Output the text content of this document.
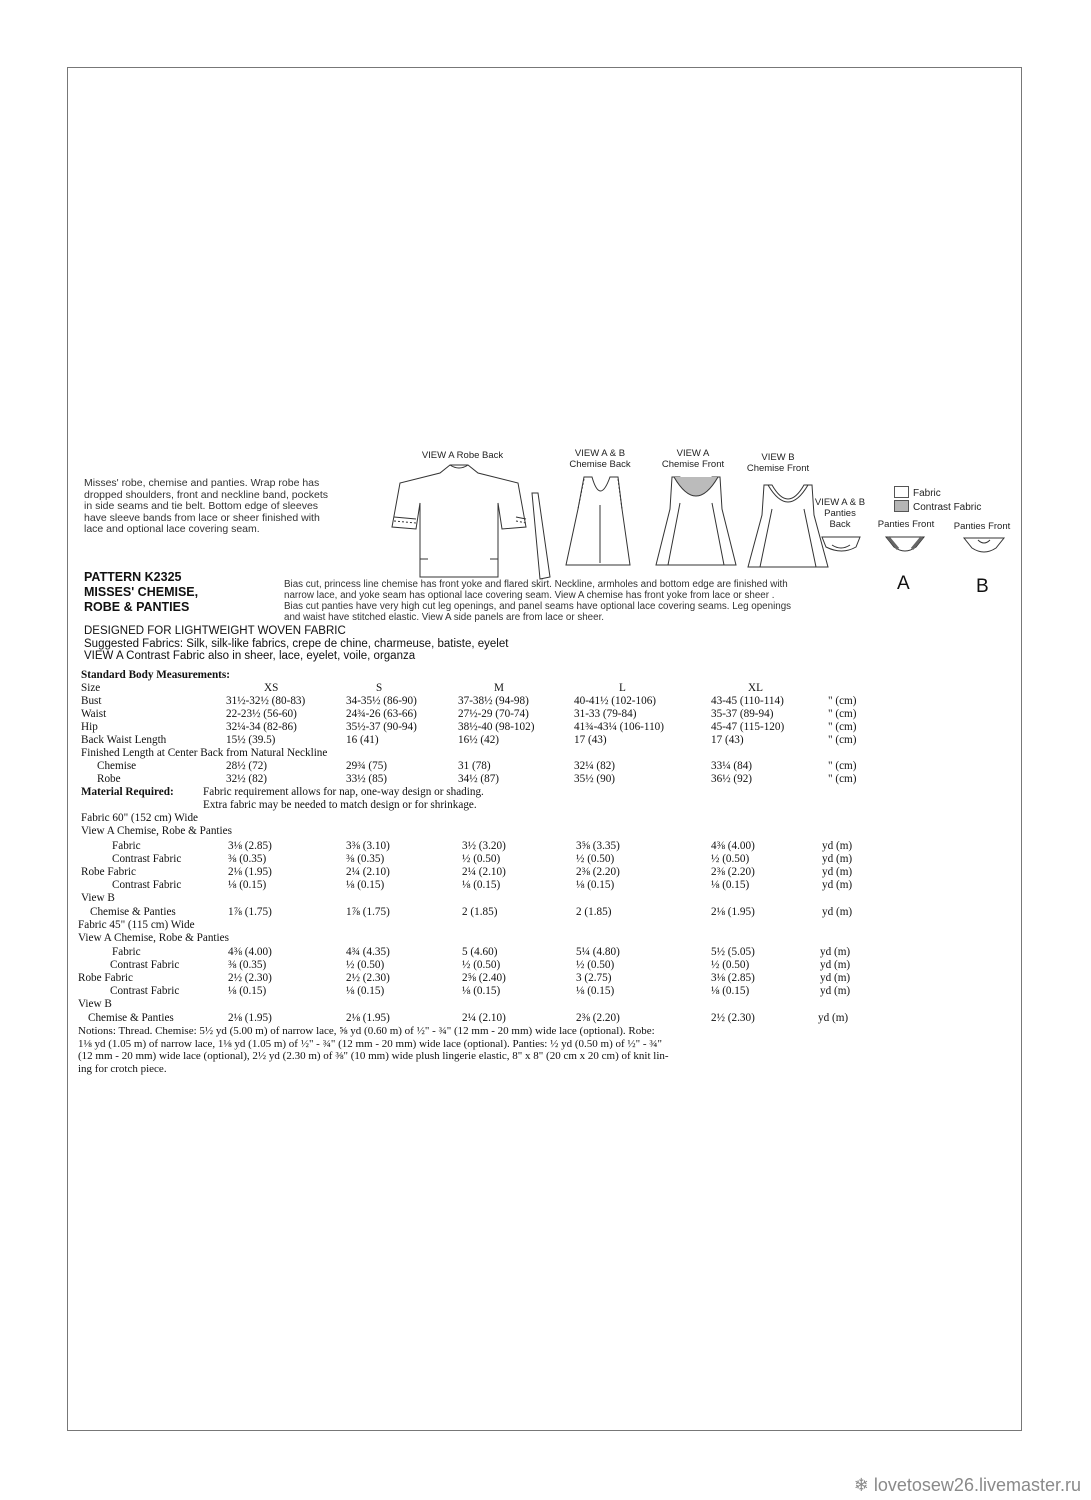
VIEW A Robe Back	VIEW A & B
Chemise Back
VIEW A
Chemise Front
VIEW B
Chemise Front
VIEW A & B
Panties
Back	Panties Front	Panties Front
A	B
Fabric
Contrast Fabric
Misses' robe, chemise and panties. Wrap robe has
dropped shoulders, front and neckline band, pockets
in side seams and tie belt. Bottom edge of sleeves
have sleeve bands from lace or sheer finished with
lace and optional lace covering seam.
PATTERN K2325
MISSES' CHEMISE,
ROBE & PANTIES
Bias cut, princess line chemise has front yoke and flared skirt. Neckline, armholes and bottom edge are finished with
narrow lace, and yoke seam has optional lace covering seam. View A chemise has front yoke from lace or sheer .
Bias cut panties have very high cut leg openings, and panel seams have optional lace covering seams. Leg openings
and waist have stitched elastic. View A side panels are from lace or sheer.
DESIGNED FOR LIGHTWEIGHT WOVEN FABRIC
Suggested Fabrics: Silk, silk-like fabrics, crepe de chine, charmeuse, batiste, eyelet
VIEW A Contrast Fabric also in sheer, lace, eyelet, voile, organza
Standard Body Measurements:
Size	XS	S	M	L	XL
Bust	31½-32½ (80-83)	34-35½ (86-90)	37-38½ (94-98)	40-41½ (102-106)	43-45 (110-114)	" (cm)
Waist	22-23½ (56-60)	24¾-26 (63-66)	27½-29 (70-74)	31-33 (79-84)	35-37 (89-94)	" (cm)
Hip	32¼-34 (82-86)	35½-37 (90-94)	38½-40 (98-102)	41¾-43¼ (106-110)	45-47 (115-120)	" (cm)
Back Waist Length	15½ (39.5)	16 (41)	16½ (42)	17 (43)	17 (43)	" (cm)
Finished Length at Center Back from Natural Neckline
Chemise	28½ (72)	29¾ (75)	31 (78)	32¼ (82)	33¼ (84)	" (cm)
Robe	32½ (82)	33½ (85)	34½ (87)	35½ (90)	36½ (92)	" (cm)
Material Required:	Fabric requirement allows for nap, one-way design or shading.
Extra fabric may be needed to match design or for shrinkage.
Fabric 60" (152 cm) Wide
View A Chemise, Robe & Panties
Fabric	3⅛ (2.85)	3⅜ (3.10)	3½ (3.20)	3⅝ (3.35)	4⅜ (4.00)	yd (m)
Contrast Fabric	⅜ (0.35)	⅜ (0.35)	½ (0.50)	½ (0.50)	½ (0.50)	yd (m)
Robe Fabric	2⅛ (1.95)	2¼ (2.10)	2¼ (2.10)	2⅜ (2.20)	2⅜ (2.20)	yd (m)
Contrast Fabric	⅛ (0.15)	⅛ (0.15)	⅛ (0.15)	⅛ (0.15)	⅛ (0.15)	yd (m)
View B
Chemise & Panties	1⅞ (1.75)	1⅞ (1.75)	2 (1.85)	2 (1.85)	2⅛ (1.95)	yd (m)
Fabric 45" (115 cm) Wide
View A Chemise, Robe & Panties
Fabric	4⅜ (4.00)	4¾ (4.35)	5 (4.60)	5¼ (4.80)	5½ (5.05)	yd (m)
Contrast Fabric	⅜ (0.35)	½ (0.50)	½ (0.50)	½ (0.50)	½ (0.50)	yd (m)
Robe Fabric	2½ (2.30)	2½ (2.30)	2⅝ (2.40)	3 (2.75)	3⅛ (2.85)	yd (m)
Contrast Fabric	⅛ (0.15)	⅛ (0.15)	⅛ (0.15)	⅛ (0.15)	⅛ (0.15)	yd (m)
View B
Chemise & Panties	2⅛ (1.95)	2⅛ (1.95)	2¼ (2.10)	2⅜ (2.20)	2½ (2.30)	yd (m)
Notions: Thread. Chemise: 5½ yd (5.00 m) of narrow lace, ⅝ yd (0.60 m) of ½" - ¾" (12 mm - 20 mm) wide lace (optional). Robe:
1⅛ yd (1.05 m) of narrow lace, 1⅛ yd (1.05 m) of ½" - ¾" (12 mm - 20 mm) wide lace (optional). Panties: ½ yd (0.50 m) of ½" - ¾"
(12 mm - 20 mm) wide lace (optional), 2½ yd (2.30 m) of ⅜" (10 mm) wide plush lingerie elastic, 8" x 8" (20 cm x 20 cm) of knit lin-
ing for crotch piece.
❄ lovetosew26.livemaster.ru
